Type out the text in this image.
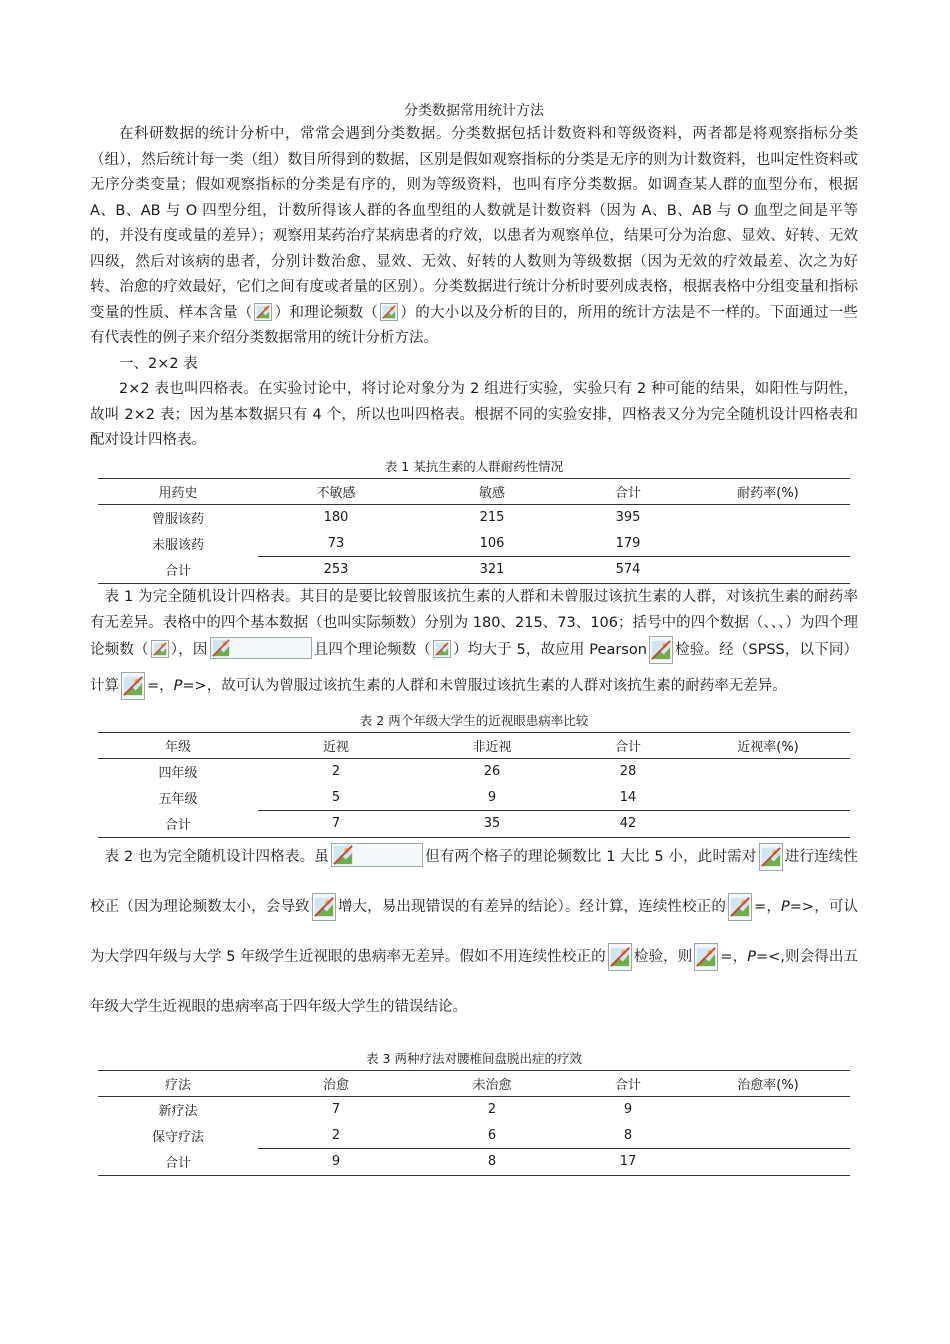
分类数据常用统计方法

在科研数据的统计分析中，常常会遇到分类数据。分类数据包括计数资料和等级资料，两者都是将观察指标分类（组），然后统计每一类（组）数目所得到的数据，区别是假如观察指标的分类是无序的则为计数资料，也叫定性资料或无序分类变量；假如观察指标的分类是有序的，则为等级资料，也叫有序分类数据。如调查某人群的血型分布，根据 A、B、AB 与 O 四型分组，计数所得该人群的各血型组的人数就是计数资料（因为 A、B、AB 与 O 血型之间是平等的，并没有度或量的差异）；观察用某药治疗某病患者的疗效，以患者为观察单位，结果可分为治愈、显效、好转、无效四级，然后对该病的患者，分别计数治愈、显效、无效、好转的人数则为等级数据（因为无效的疗效最差、次之为好转、治愈的疗效最好，它们之间有度或者量的区别）。分类数据进行统计分析时要列成表格，根据表格中分组变量和指标变量的性质、样本含量（ ）和理论频数（ ）的大小以及分析的目的，所用的统计方法是不一样的。下面通过一些有代表性的例子来介绍分类数据常用的统计分析方法。

一、2×2 表

2×2 表也叫四格表。在实验讨论中，将讨论对象分为 2 组进行实验，实验只有 2 种可能的结果，如阳性与阴性，故叫 2×2 表；因为基本数据只有 4 个，所以也叫四格表。根据不同的实验安排，四格表又分为完全随机设计四格表和配对设计四格表。

表 1 某抗生素的人群耐药性情况

用药史	不敏感	敏感	合计	耐药率(%)
曾服该药	180	215	395	
未服该药	73	106	179	
合计	253	321	574	

表 1 为完全随机设计四格表。其目的是要比较曾服该抗生素的人群和未曾服过该抗生素的人群，对该抗生素的耐药率有无差异。表格中的四个基本数据（也叫实际频数）分别为 180、215、73、106；括号中的四个数据（、、、）为四个理论频数（ ），因	且四个理论频数（ ）均大于 5，故应用 Pearson 检验。经（SPSS，以下同）计算 =，P=>，故可认为曾服过该抗生素的人群和未曾服过该抗生素的人群对该抗生素的耐药率无差异。

表 2 两个年级大学生的近视眼患病率比较

年级	近视	非近视	合计	近视率(%)
四年级	2	26	28	
五年级	5	9	14	
合计	7	35	42	

表 2 也为完全随机设计四格表。虽	但有两个格子的理论频数比 1 大比 5 小，此时需对 进行连续性校正（因为理论频数太小，会导致 增大，易出现错误的有差异的结论）。经计算，连续性校正的 =，P=>，可认为大学四年级与大学 5 年级学生近视眼的患病率无差异。假如不用连续性校正的 检验，则 =，P=<,则会得出五年级大学生近视眼的患病率高于四年级大学生的错误结论。

表 3 两种疗法对腰椎间盘脱出症的疗效

疗法	治愈	未治愈	合计	治愈率(%)
新疗法	7	2	9	
保守疗法	2	6	8	
合计	9	8	17	
